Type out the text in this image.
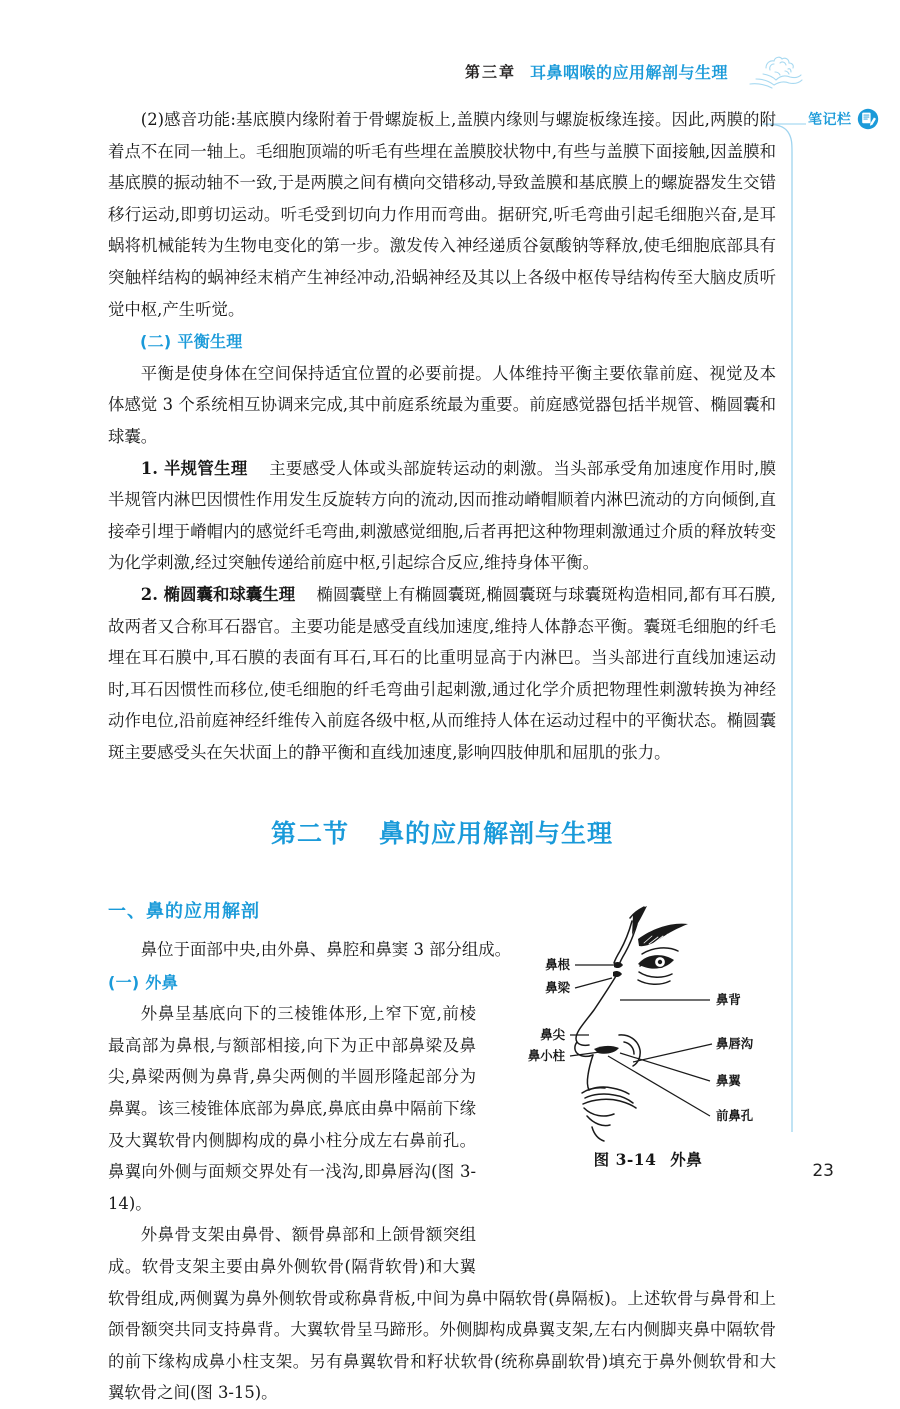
第三章 耳鼻咽喉的应用解剖与生理
笔记栏

(2)感音功能:基底膜内缘附着于骨螺旋板上,盖膜内缘则与螺旋板缘连接。因此,两膜的附着点不在同一轴上。毛细胞顶端的听毛有些埋在盖膜胶状物中,有些与盖膜下面接触,因盖膜和基底膜的振动轴不一致,于是两膜之间有横向交错移动,导致盖膜和基底膜上的螺旋器发生交错移行运动,即剪切运动。听毛受到切向力作用而弯曲。据研究,听毛弯曲引起毛细胞兴奋,是耳蜗将机械能转为生物电变化的第一步。激发传入神经递质谷氨酸钠等释放,使毛细胞底部具有突触样结构的蜗神经末梢产生神经冲动,沿蜗神经及其以上各级中枢传导结构传至大脑皮质听觉中枢,产生听觉。

(二) 平衡生理

平衡是使身体在空间保持适宜位置的必要前提。人体维持平衡主要依靠前庭、视觉及本体感觉 3 个系统相互协调来完成,其中前庭系统最为重要。前庭感觉器包括半规管、椭圆囊和球囊。

1. 半规管生理 主要感受人体或头部旋转运动的刺激。当头部承受角加速度作用时,膜半规管内淋巴因惯性作用发生反旋转方向的流动,因而推动嵴帽顺着内淋巴流动的方向倾倒,直接牵引埋于嵴帽内的感觉纤毛弯曲,刺激感觉细胞,后者再把这种物理刺激通过介质的释放转变为化学刺激,经过突触传递给前庭中枢,引起综合反应,维持身体平衡。

2. 椭圆囊和球囊生理 椭圆囊壁上有椭圆囊斑,椭圆囊斑与球囊斑构造相同,都有耳石膜,故两者又合称耳石器官。主要功能是感受直线加速度,维持人体静态平衡。囊斑毛细胞的纤毛埋在耳石膜中,耳石膜的表面有耳石,耳石的比重明显高于内淋巴。当头部进行直线加速运动时,耳石因惯性而移位,使毛细胞的纤毛弯曲引起刺激,通过化学介质把物理性刺激转换为神经动作电位,沿前庭神经纤维传入前庭各级中枢,从而维持人体在运动过程中的平衡状态。椭圆囊斑主要感受头在矢状面上的静平衡和直线加速度,影响四肢伸肌和屈肌的张力。

第二节 鼻的应用解剖与生理
一、鼻的应用解剖

鼻位于面部中央,由外鼻、鼻腔和鼻窦 3 部分组成。

(一) 外鼻

外鼻呈基底向下的三棱锥体形,上窄下宽,前棱最高部为鼻根,与额部相接,向下为正中部鼻梁及鼻尖,鼻梁两侧为鼻背,鼻尖两侧的半圆形隆起部分为鼻翼。该三棱锥体底部为鼻底,鼻底由鼻中隔前下缘及大翼软骨内侧脚构成的鼻小柱分成左右鼻前孔。鼻翼向外侧与面颊交界处有一浅沟,即鼻唇沟(图 3-14)。

外鼻骨支架由鼻骨、额骨鼻部和上颌骨额突组成。软骨支架主要由鼻外侧软骨(隔背软骨)和大翼软骨组成,两侧翼为鼻外侧软骨或称鼻背板,中间为鼻中隔软骨(鼻隔板)。上述软骨与鼻骨和上颌骨额突共同支持鼻背。大翼软骨呈马蹄形。外侧脚构成鼻翼支架,左右内侧脚夹鼻中隔软骨的前下缘构成鼻小柱支架。另有鼻翼软骨和籽状软骨(统称鼻副软骨)填充于鼻外侧软骨和大翼软骨之间(图 3-15)。

鼻根
鼻梁
鼻尖
鼻小柱
鼻背
鼻唇沟
鼻翼
前鼻孔
图 3-14 外鼻
23
